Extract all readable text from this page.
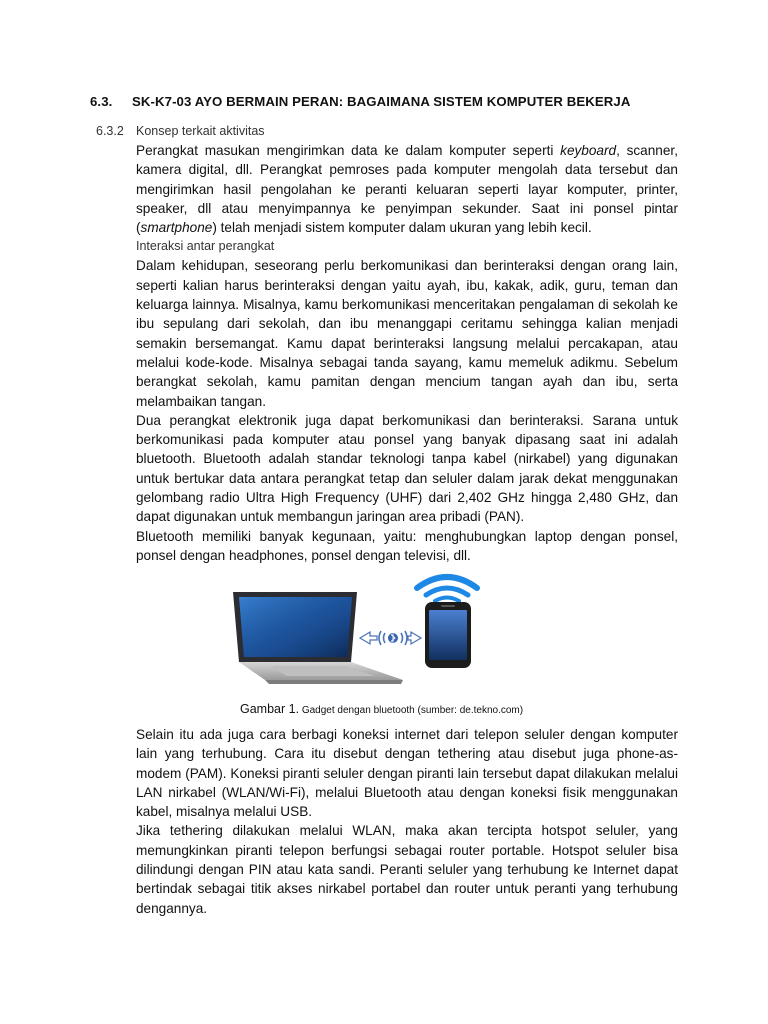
6.3. SK-K7-03 AYO BERMAIN PERAN: BAGAIMANA SISTEM KOMPUTER BEKERJA
6.3.2 Konsep terkait aktivitas

Perangkat masukan mengirimkan data ke dalam komputer seperti keyboard, scanner, kamera digital, dll. Perangkat pemroses pada komputer mengolah data tersebut dan mengirimkan hasil pengolahan ke peranti keluaran seperti layar komputer, printer, speaker, dll atau menyimpannya ke penyimpan sekunder. Saat ini ponsel pintar (smartphone) telah menjadi sistem komputer dalam ukuran yang lebih kecil.

Interaksi antar perangkat

Dalam kehidupan, seseorang perlu berkomunikasi dan berinteraksi dengan orang lain, seperti kalian harus berinteraksi dengan yaitu ayah, ibu, kakak, adik, guru, teman dan keluarga lainnya. Misalnya, kamu berkomunikasi menceritakan pengalaman di sekolah ke ibu sepulang dari sekolah, dan ibu menanggapi ceritamu sehingga kalian menjadi semakin bersemangat. Kamu dapat berinteraksi langsung melalui percakapan, atau melalui kode-kode. Misalnya sebagai tanda sayang, kamu memeluk adikmu. Sebelum berangkat sekolah, kamu pamitan dengan mencium tangan ayah dan ibu, serta melambaikan tangan.

Dua perangkat elektronik juga dapat berkomunikasi dan berinteraksi. Sarana untuk berkomunikasi pada komputer atau ponsel yang banyak dipasang saat ini adalah bluetooth. Bluetooth adalah standar teknologi tanpa kabel (nirkabel) yang digunakan untuk bertukar data antara perangkat tetap dan seluler dalam jarak dekat menggunakan gelombang radio Ultra High Frequency (UHF) dari 2,402 GHz hingga 2,480 GHz, dan dapat digunakan untuk membangun jaringan area pribadi (PAN).

Bluetooth memiliki banyak kegunaan, yaitu: menghubungkan laptop dengan ponsel, ponsel dengan headphones, ponsel dengan televisi, dll.

Gambar 1. Gadget dengan bluetooth (sumber: de.tekno.com)

Selain itu ada juga cara berbagi koneksi internet dari telepon seluler dengan komputer lain yang terhubung. Cara itu disebut dengan tethering atau disebut juga phone-as-modem (PAM). Koneksi piranti seluler dengan piranti lain tersebut dapat dilakukan melalui LAN nirkabel (WLAN/Wi-Fi), melalui Bluetooth atau dengan koneksi fisik menggunakan kabel, misalnya melalui USB.

Jika tethering dilakukan melalui WLAN, maka akan tercipta hotspot seluler, yang memungkinkan piranti telepon berfungsi sebagai router portable. Hotspot seluler bisa dilindungi dengan PIN atau kata sandi. Peranti seluler yang terhubung ke Internet dapat bertindak sebagai titik akses nirkabel portabel dan router untuk peranti yang terhubung dengannya.
